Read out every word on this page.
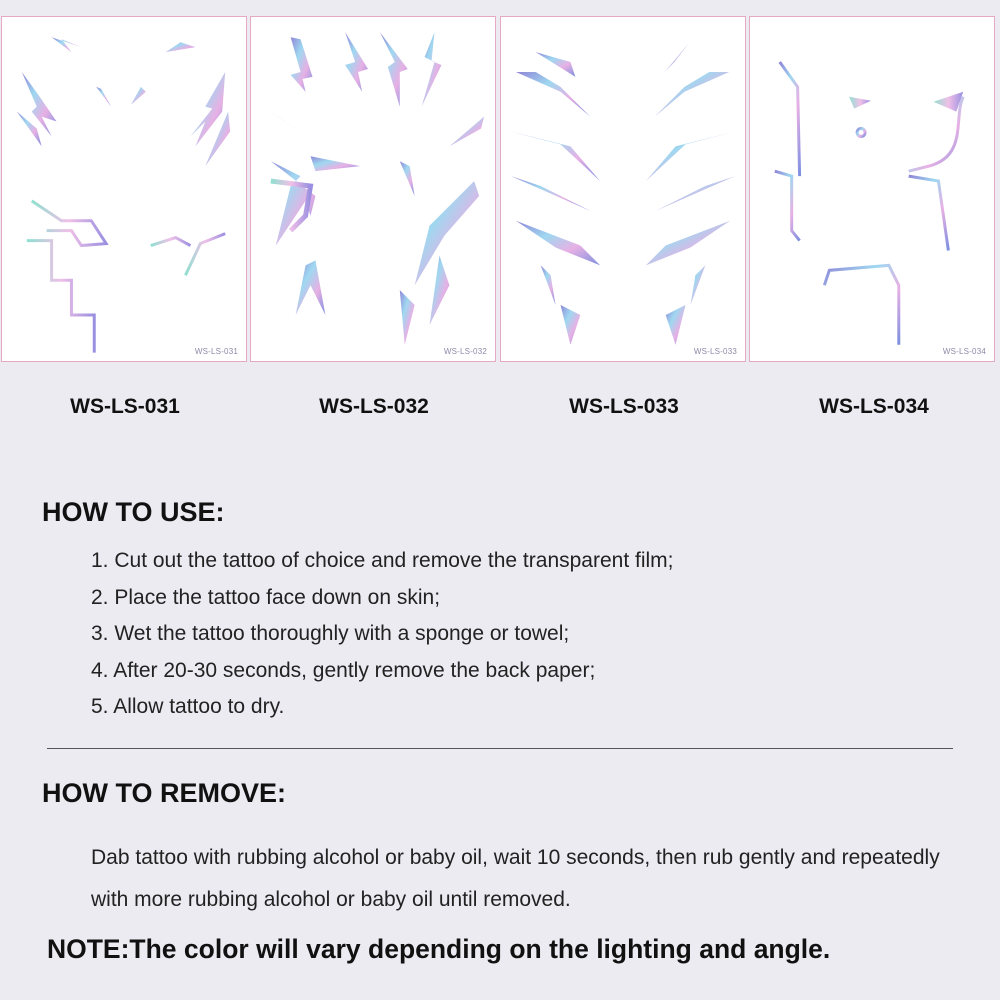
WS-LS-031	WS-LS-032	WS-LS-033	WS-LS-034
WS-LS-031	WS-LS-032	WS-LS-033	WS-LS-034
HOW TO USE:
1. Cut out the tattoo of choice and remove the transparent film;
2. Place the tattoo face down on skin;
3. Wet the tattoo thoroughly with a sponge or towel;
4. After 20-30 seconds, gently remove the back paper;
5. Allow tattoo to dry.
HOW TO REMOVE:
Dab tattoo with rubbing alcohol or baby oil, wait 10 seconds, then rub gently and repeatedly with more rubbing alcohol or baby oil until removed.
NOTE:The color will vary depending on the lighting and angle.
